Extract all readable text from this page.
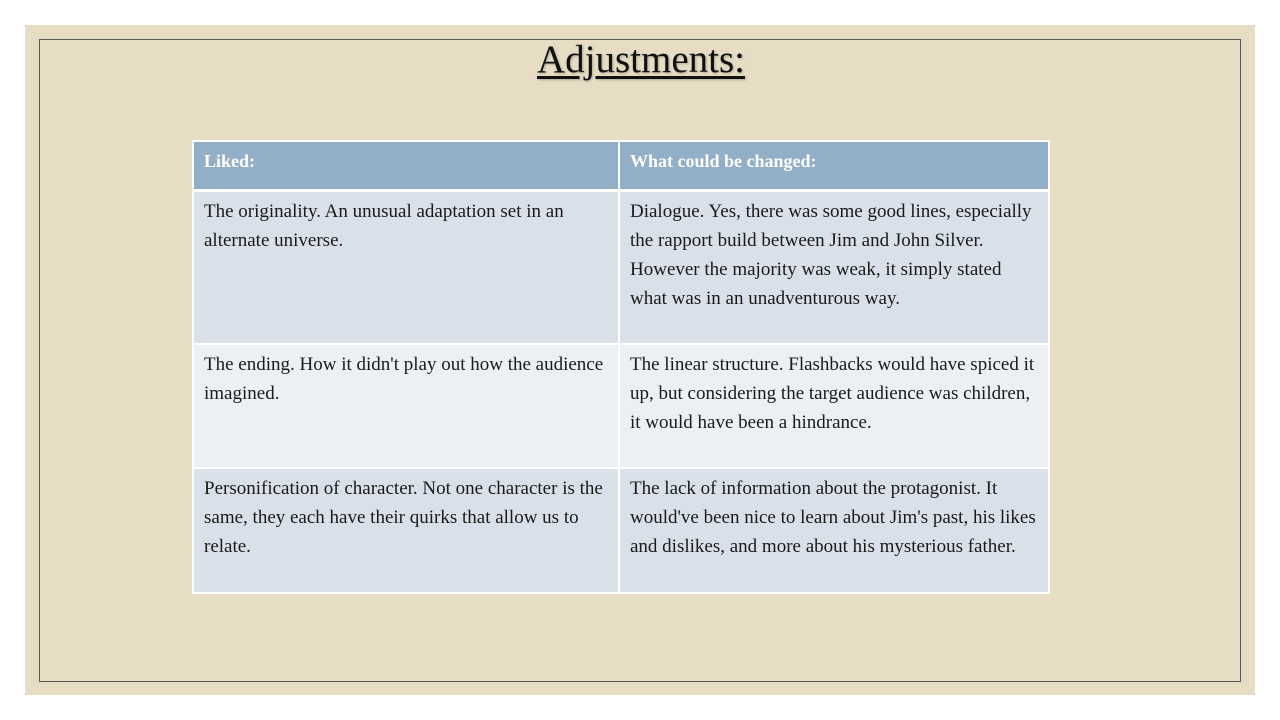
Adjustments:
Liked:	What could be changed:
The originality. An unusual adaptation set in an alternate universe.	Dialogue. Yes, there was some good lines, especially the rapport build between Jim and John Silver. However the majority was weak, it simply stated what was in an unadventurous way.
The ending. How it didn't play out how the audience imagined.	The linear structure. Flashbacks would have spiced it up, but considering the target audience was children, it would have been a hindrance.
Personification of character. Not one character is the same, they each have their quirks that allow us to relate.	The lack of information about the protagonist. It would've been nice to learn about Jim's past, his likes and dislikes, and more about his mysterious father.
